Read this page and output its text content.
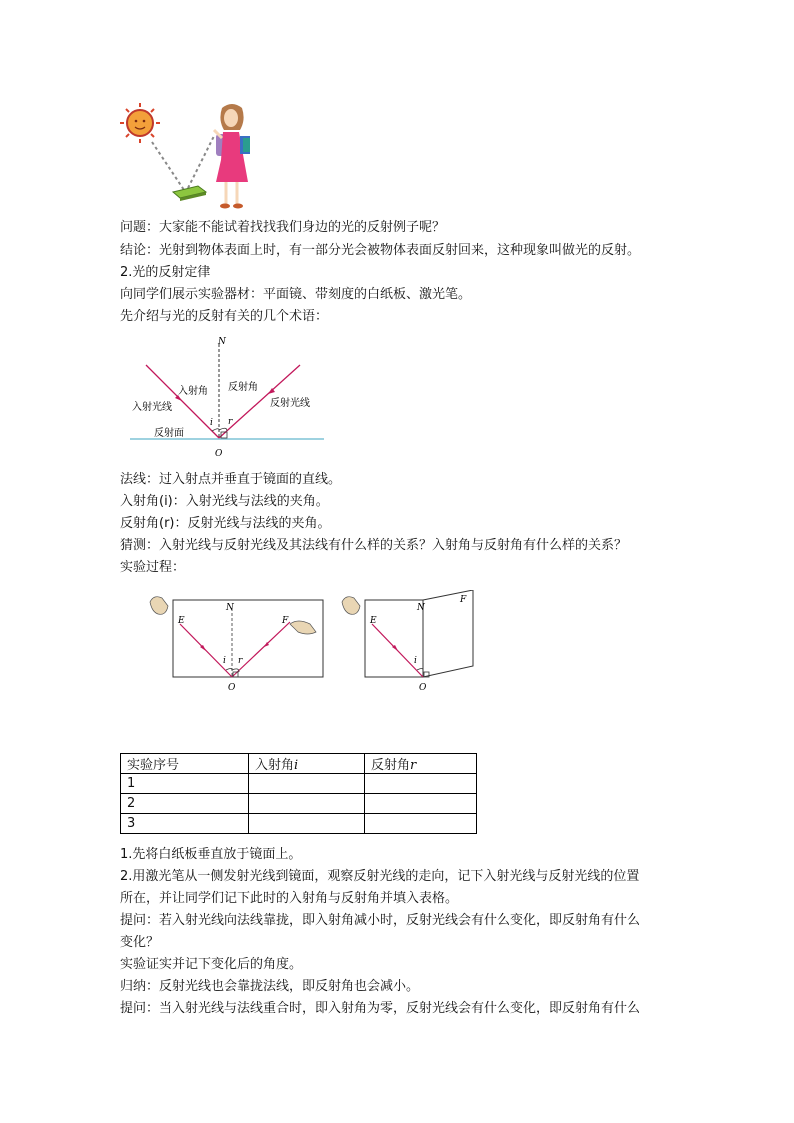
问题：大家能不能试着找找我们身边的光的反射例子呢？
结论：光射到物体表面上时，有一部分光会被物体表面反射回来，这种现象叫做光的反射。
2.光的反射定律
向同学们展示实验器材：平面镜、带刻度的白纸板、激光笔。
先介绍与光的反射有关的几个术语：
N
入射角 反射角
入射光线	反射光线
反射面
i r
O
法线：过入射点并垂直于镜面的直线。
入射角(i)：入射光线与法线的夹角。
反射角(r)：反射光线与法线的夹角。
猜测：入射光线与反射光线及其法线有什么样的关系？入射角与反射角有什么样的关系？
实验过程：
N
E	F
i r
O
N
E
F
i
O
实验序号	入射角i	反射角r
1		
2		
3		
1.先将白纸板垂直放于镜面上。
2.用激光笔从一侧发射光线到镜面，观察反射光线的走向，记下入射光线与反射光线的位置
所在，并让同学们记下此时的入射角与反射角并填入表格。
提问：若入射光线向法线靠拢，即入射角减小时，反射光线会有什么变化，即反射角有什么
变化？
实验证实并记下变化后的角度。
归纳：反射光线也会靠拢法线，即反射角也会减小。
提问：当入射光线与法线重合时，即入射角为零，反射光线会有什么变化，即反射角有什么
